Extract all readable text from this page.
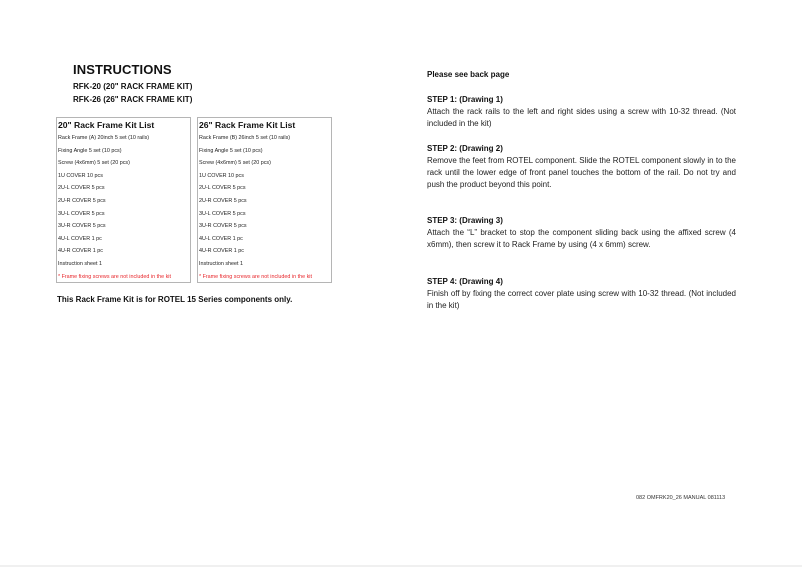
INSTRUCTIONS
RFK-20 (20" RACK FRAME KIT)
RFK-26 (26" RACK FRAME KIT)
20" Rack Frame Kit List
Rack Frame (A) 20inch 5 set (10 rails)
Fixing Angle 5 set (10 pcs)
Screw (4x6mm) 5 set (20 pcs)
1U COVER 10 pcs
2U-L COVER 5 pcs
2U-R COVER 5 pcs
3U-L COVER 5 pcs
3U-R COVER 5 pcs
4U-L COVER 1 pc
4U-R COVER 1 pc
Instruction sheet 1
* Frame fixing screws are not included in the kit
26" Rack Frame Kit List
Rack Frame (B) 26inch 5 set (10 rails)
Fixing Angle 5 set (10 pcs)
Screw (4x6mm) 5 set (20 pcs)
1U COVER 10 pcs
2U-L COVER 5 pcs
2U-R COVER 5 pcs
3U-L COVER 5 pcs
3U-R COVER 5 pcs
4U-L COVER 1 pc
4U-R COVER 1 pc
Instruction sheet 1
* Frame fixing screws are not included in the kit
This Rack Frame Kit is for ROTEL 15 Series components only.
Please see back page
STEP 1: (Drawing 1)
Attach the rack rails to the left and right sides using a screw with 10-32 thread. (Not included in the kit)
STEP 2: (Drawing 2)
Remove the feet from ROTEL component. Slide the ROTEL component slowly in to the rack until the lower edge of front panel touches the bottom of the rail. Do not try and push the product beyond this point.
STEP 3: (Drawing 3)
Attach the “L” bracket to stop the component sliding back using the affixed screw (4 x6mm), then screw it to Rack Frame by using (4 x 6mm) screw.
STEP 4: (Drawing 4)
Finish off by fixing the correct cover plate using screw with 10-32 thread. (Not included in the kit)
082 OMFRK20_26 MANUAL 081113
